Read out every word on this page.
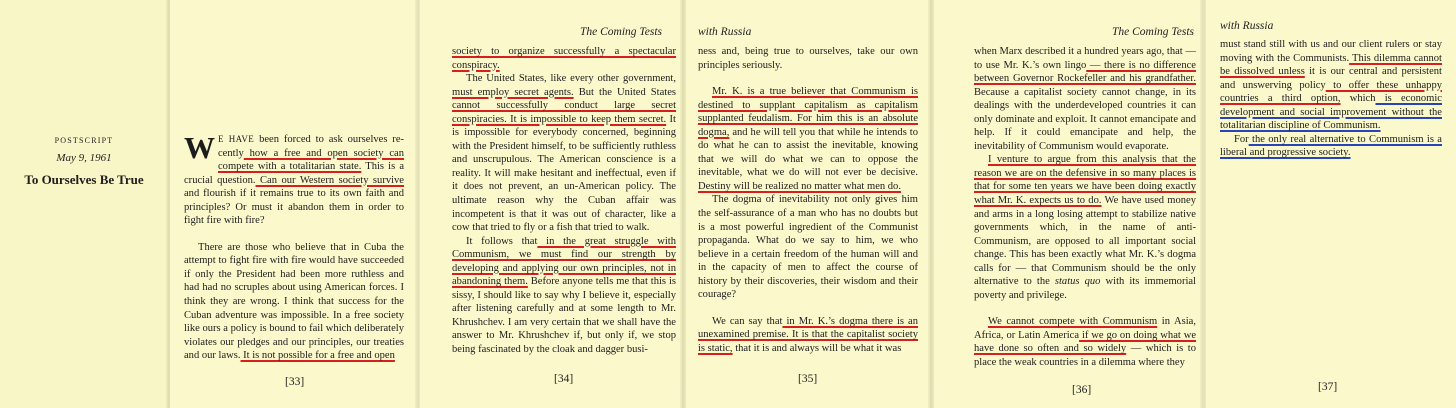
POSTSCRIPT
May 9, 1961
To Ourselves Be True

W E HAVE been forced to ask ourselves re-cently how a free and open society can compete with a totalitarian state. This is a crucial question. Can our Western society survive and flourish if it remains true to its own faith and principles? Or must it abandon them in order to fight fire with fire?

There are those who believe that in Cuba the attempt to fight fire with fire would have succeeded if only the President had been more ruthless and had had no scruples about using American forces. I think they are wrong. I think that success for the Cuban adventure was impossible. In a free society like ours a policy is bound to fail which deliberately violates our pledges and our principles, our treaties and our laws. It is not possible for a free and open

[33]
The Coming Tests

society to organize successfully a spectacular conspiracy.

The United States, like every other government, must employ secret agents. But the United States cannot successfully conduct large secret conspiracies. It is impossible to keep them secret. It is impossible for everybody concerned, beginning with the President himself, to be sufficiently ruthless and unscrupulous. The American conscience is a reality. It will make hesitant and ineffectual, even if it does not prevent, an un-American policy. The ultimate reason why the Cuban affair was incompetent is that it was out of character, like a cow that tried to fly or a fish that tried to walk.

It follows that in the great struggle with Communism, we must find our strength by developing and applying our own principles, not in abandoning them. Before anyone tells me that this is sissy, I should like to say why I believe it, especially after listening carefully and at some length to Mr. Khrushchev. I am very certain that we shall have the answer to Mr. Khrushchev if, but only if, we stop being fascinated by the cloak and dagger busi-

[34]
with Russia

ness and, being true to ourselves, take our own principles seriously.

Mr. K. is a true believer that Communism is destined to supplant capitalism as capitalism supplanted feudalism. For him this is an absolute dogma, and he will tell you that while he intends to do what he can to assist the inevitable, knowing that we will do what we can to oppose the inevitable, what we do will not ever be decisive. Destiny will be realized no matter what men do.

The dogma of inevitability not only gives him the self-assurance of a man who has no doubts but is a most powerful ingredient of the Communist propaganda. What do we say to him, we who believe in a certain freedom of the human will and in the capacity of men to affect the course of history by their discoveries, their wisdom and their courage?

We can say that in Mr. K.’s dogma there is an unexamined premise. It is that the capitalist society is static, that it is and always will be what it was

[35]
The Coming Tests

when Marx described it a hundred years ago, that — to use Mr. K.’s own lingo — there is no difference between Governor Rockefeller and his grandfather. Because a capitalist society cannot change, in its dealings with the underdeveloped countries it can only dominate and exploit. It cannot emancipate and help. If it could emancipate and help, the inevitability of Communism would evaporate.

I venture to argue from this analysis that the reason we are on the defensive in so many places is that for some ten years we have been doing exactly what Mr. K. expects us to do. We have used money and arms in a long losing attempt to stabilize native governments which, in the name of anti-Communism, are opposed to all important social change. This has been exactly what Mr. K.’s dogma calls for — that Communism should be the only alternative to the status quo with its immemorial poverty and privilege.

We cannot compete with Communism in Asia, Africa, or Latin America if we go on doing what we have done so often and so widely — which is to place the weak countries in a dilemma where they

[36]
with Russia

must stand still with us and our client rulers or stay moving with the Communists. This dilemma cannot be dissolved unless it is our central and persistent and unswerving policy to offer these unhappy countries a third option, which is economic development and social improvement without the totalitarian discipline of Communism.

For the only real alternative to Communism is a liberal and progressive society.

[37]
